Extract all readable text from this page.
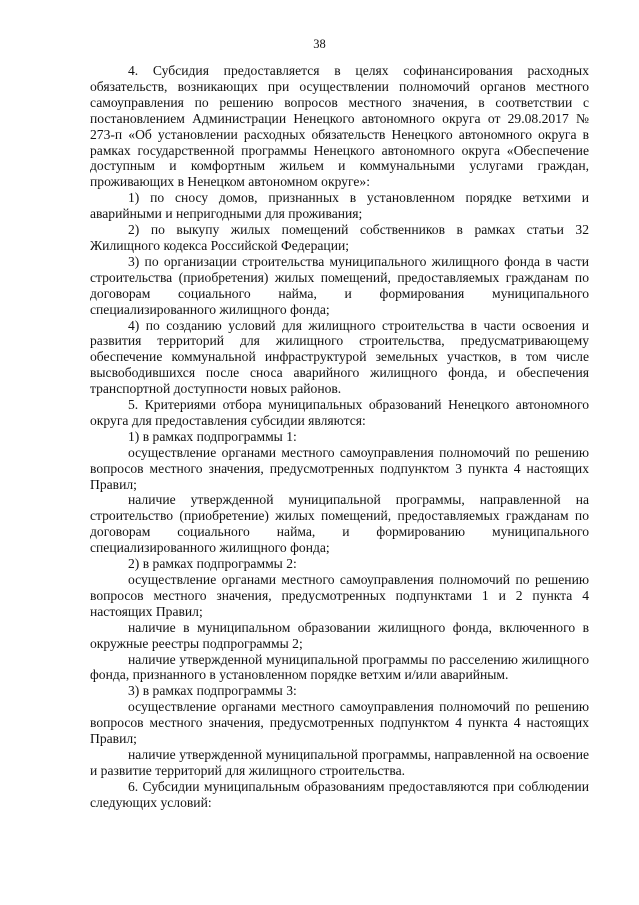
38

4. Субсидия предоставляется в целях софинансирования расходных обязательств, возникающих при осуществлении полномочий органов местного самоуправления по решению вопросов местного значения, в соответствии с постановлением Администрации Ненецкого автономного округа от 29.08.2017 № 273-п «Об установлении расходных обязательств Ненецкого автономного округа в рамках государственной программы Ненецкого автономного округа «Обеспечение доступным и комфортным жильем и коммунальными услугами граждан, проживающих в Ненецком автономном округе»:

1) по сносу домов, признанных в установленном порядке ветхими и аварийными и непригодными для проживания;

2) по выкупу жилых помещений собственников в рамках статьи 32 Жилищного кодекса Российской Федерации;

3) по организации строительства муниципального жилищного фонда в части строительства (приобретения) жилых помещений, предоставляемых гражданам по договорам социального найма, и формирования муниципального специализированного жилищного фонда;

4) по созданию условий для жилищного строительства в части освоения и развития территорий для жилищного строительства, предусматривающему обеспечение коммунальной инфраструктурой земельных участков, в том числе высвободившихся после сноса аварийного жилищного фонда, и обеспечения транспортной доступности новых районов.

5. Критериями отбора муниципальных образований Ненецкого автономного округа для предоставления субсидии являются:

1) в рамках подпрограммы 1:

осуществление органами местного самоуправления полномочий по решению вопросов местного значения, предусмотренных подпунктом 3 пункта 4 настоящих Правил;

наличие утвержденной муниципальной программы, направленной на строительство (приобретение) жилых помещений, предоставляемых гражданам по договорам социального найма, и формированию муниципального специализированного жилищного фонда;

2) в рамках подпрограммы 2:

осуществление органами местного самоуправления полномочий по решению вопросов местного значения, предусмотренных подпунктами 1 и 2 пункта 4 настоящих Правил;

наличие в муниципальном образовании жилищного фонда, включенного в окружные реестры подпрограммы 2;

наличие утвержденной муниципальной программы по расселению жилищного фонда, признанного в установленном порядке ветхим и/или аварийным.

3) в рамках подпрограммы 3:

осуществление органами местного самоуправления полномочий по решению вопросов местного значения, предусмотренных подпунктом 4 пункта 4 настоящих Правил;

наличие утвержденной муниципальной программы, направленной на освоение и развитие территорий для жилищного строительства.

6. Субсидии муниципальным образованиям предоставляются при соблюдении следующих условий:
